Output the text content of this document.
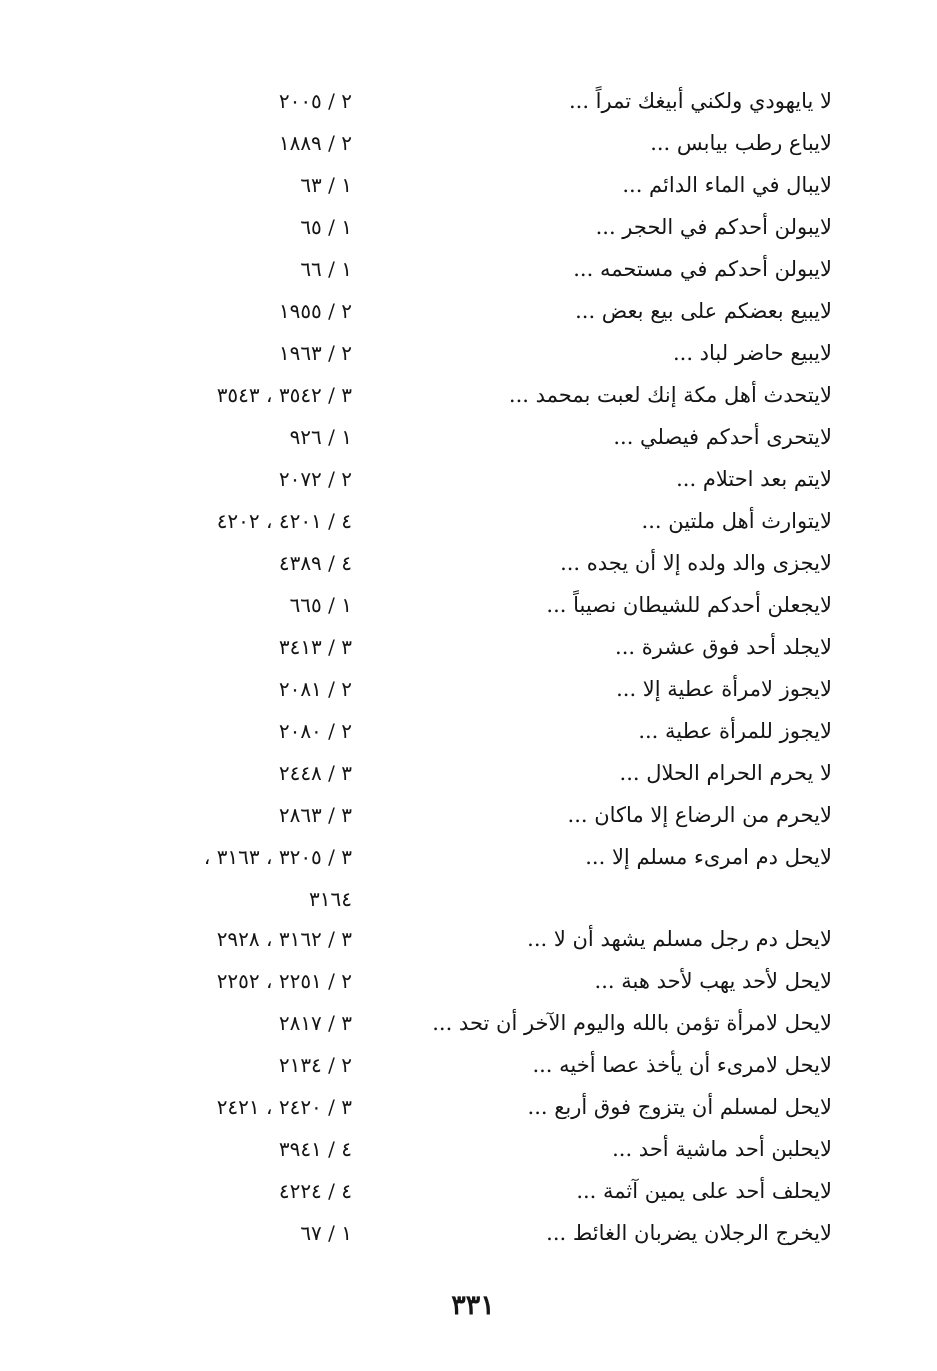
لا يايهودي ولكني أبيغك تمراً ...
٢ / ٢٠٠٥
لايباع رطب بيابس ...
٢ / ١٨٨٩
لايبال في الماء الدائم ...
١ / ٦٣
لايبولن أحدكم في الحجر ...
١ / ٦٥
لايبولن أحدكم في مستحمه ...
١ / ٦٦
لايبيع بعضكم على بيع بعض ...
٢ / ١٩٥٥
لايبيع حاضر لباد ...
٢ / ١٩٦٣
لايتحدث أهل مكة إنك لعبت بمحمد ...
٣ / ٣٥٤٢ ، ٣٥٤٣
لايتحرى أحدكم فيصلي ...
١ / ٩٢٦
لايتم بعد احتلام ...
٢ / ٢٠٧٢
لايتوارث أهل ملتين ...
٤ / ٤٢٠١ ، ٤٢٠٢
لايجزى والد ولده إلا أن يجده ...
٤ / ٤٣٨٩
لايجعلن أحدكم للشيطان نصيباً ...
١ / ٦٦٥
لايجلد أحد فوق عشرة ...
٣ / ٣٤١٣
لايجوز لامرأة عطية إلا ...
٢ / ٢٠٨١
لايجوز للمرأة عطية ...
٢ / ٢٠٨٠
لا يحرم الحرام الحلال ...
٣ / ٢٤٤٨
لايحرم من الرضاع إلا ماكان ...
٣ / ٢٨٦٣
لايحل دم امرىء مسلم إلا ...
٣ / ٣٢٠٥ ، ٣١٦٣ ،
٣١٦٤
لايحل دم رجل مسلم يشهد أن لا ...
٣ / ٣١٦٢ ، ٢٩٢٨
لايحل لأحد يهب لأحد هبة ...
٢ / ٢٢٥١ ، ٢٢٥٢
لايحل لامرأة تؤمن بالله واليوم الآخر أن تحد ...
٣ / ٢٨١٧
لايحل لامرىء أن يأخذ عصا أخيه ...
٢ / ٢١٣٤
لايحل لمسلم أن يتزوج فوق أربع ...
٣ / ٢٤٢٠ ، ٢٤٢١
لايحلبن أحد ماشية أحد ...
٤ / ٣٩٤١
لايحلف أحد على يمين آثمة ...
٤ / ٤٢٢٤
لايخرج الرجلان يضربان الغائط ...
١ / ٦٧
٣٣١
